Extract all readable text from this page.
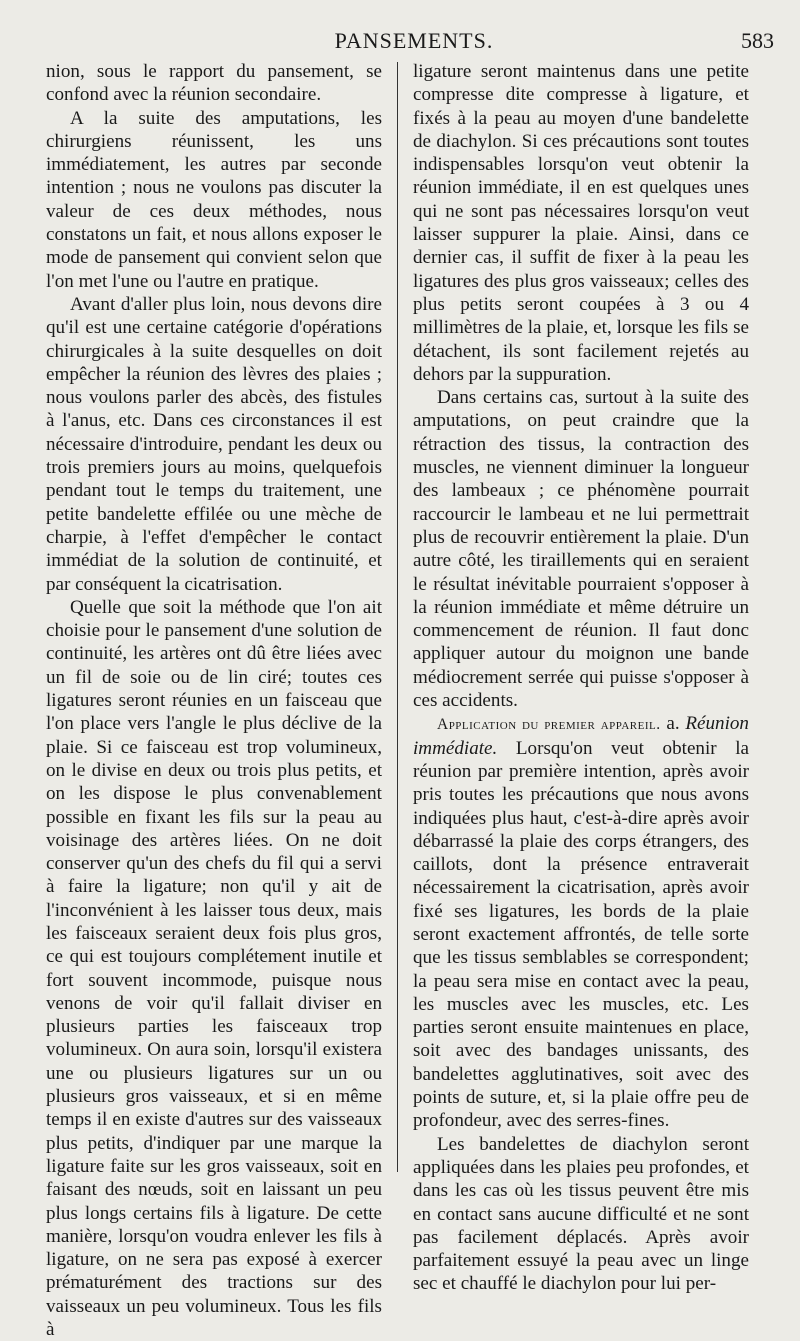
PANSEMENTS.	583

nion, sous le rapport du pansement, se confond avec la réunion secondaire.

A la suite des amputations, les chirurgiens réunissent, les uns immédiatement, les autres par seconde intention ; nous ne voulons pas discuter la valeur de ces deux méthodes, nous constatons un fait, et nous allons exposer le mode de pansement qui convient selon que l'on met l'une ou l'autre en pratique.

Avant d'aller plus loin, nous devons dire qu'il est une certaine catégorie d'opérations chirurgicales à la suite desquelles on doit empêcher la réunion des lèvres des plaies ; nous voulons parler des abcès, des fistules à l'anus, etc. Dans ces circonstances il est nécessaire d'introduire, pendant les deux ou trois premiers jours au moins, quelquefois pendant tout le temps du traitement, une petite bandelette effilée ou une mèche de charpie, à l'effet d'empêcher le contact immédiat de la solution de continuité, et par conséquent la cicatrisation.

Quelle que soit la méthode que l'on ait choisie pour le pansement d'une solution de continuité, les artères ont dû être liées avec un fil de soie ou de lin ciré; toutes ces ligatures seront réunies en un faisceau que l'on place vers l'angle le plus déclive de la plaie. Si ce faisceau est trop volumineux, on le divise en deux ou trois plus petits, et on les dispose le plus convenablement possible en fixant les fils sur la peau au voisinage des artères liées. On ne doit conserver qu'un des chefs du fil qui a servi à faire la ligature; non qu'il y ait de l'inconvénient à les laisser tous deux, mais les faisceaux seraient deux fois plus gros, ce qui est toujours complétement inutile et fort souvent incommode, puisque nous venons de voir qu'il fallait diviser en plusieurs parties les faisceaux trop volumineux. On aura soin, lorsqu'il existera une ou plusieurs ligatures sur un ou plusieurs gros vaisseaux, et si en même temps il en existe d'autres sur des vaisseaux plus petits, d'indiquer par une marque la ligature faite sur les gros vaisseaux, soit en faisant des nœuds, soit en laissant un peu plus longs certains fils à ligature. De cette manière, lorsqu'on voudra enlever les fils à ligature, on ne sera pas exposé à exercer prématurément des tractions sur des vaisseaux un peu volumineux. Tous les fils à

ligature seront maintenus dans une petite compresse dite compresse à ligature, et fixés à la peau au moyen d'une bandelette de diachylon. Si ces précautions sont toutes indispensables lorsqu'on veut obtenir la réunion immédiate, il en est quelques unes qui ne sont pas nécessaires lorsqu'on veut laisser suppurer la plaie. Ainsi, dans ce dernier cas, il suffit de fixer à la peau les ligatures des plus gros vaisseaux; celles des plus petits seront coupées à 3 ou 4 millimètres de la plaie, et, lorsque les fils se détachent, ils sont facilement rejetés au dehors par la suppuration.

Dans certains cas, surtout à la suite des amputations, on peut craindre que la rétraction des tissus, la contraction des muscles, ne viennent diminuer la longueur des lambeaux ; ce phénomène pourrait raccourcir le lambeau et ne lui permettrait plus de recouvrir entièrement la plaie. D'un autre côté, les tiraillements qui en seraient le résultat inévitable pourraient s'opposer à la réunion immédiate et même détruire un commencement de réunion. Il faut donc appliquer autour du moignon une bande médiocrement serrée qui puisse s'opposer à ces accidents.

Application du premier appareil. a. Réunion immédiate. Lorsqu'on veut obtenir la réunion par première intention, après avoir pris toutes les précautions que nous avons indiquées plus haut, c'est-à-dire après avoir débarrassé la plaie des corps étrangers, des caillots, dont la présence entraverait nécessairement la cicatrisation, après avoir fixé ses ligatures, les bords de la plaie seront exactement affrontés, de telle sorte que les tissus semblables se correspondent; la peau sera mise en contact avec la peau, les muscles avec les muscles, etc. Les parties seront ensuite maintenues en place, soit avec des bandages unissants, des bandelettes agglutinatives, soit avec des points de suture, et, si la plaie offre peu de profondeur, avec des serres-fines.

Les bandelettes de diachylon seront appliquées dans les plaies peu profondes, et dans les cas où les tissus peuvent être mis en contact sans aucune difficulté et ne sont pas facilement déplacés. Après avoir parfaitement essuyé la peau avec un linge sec et chauffé le diachylon pour lui per-
